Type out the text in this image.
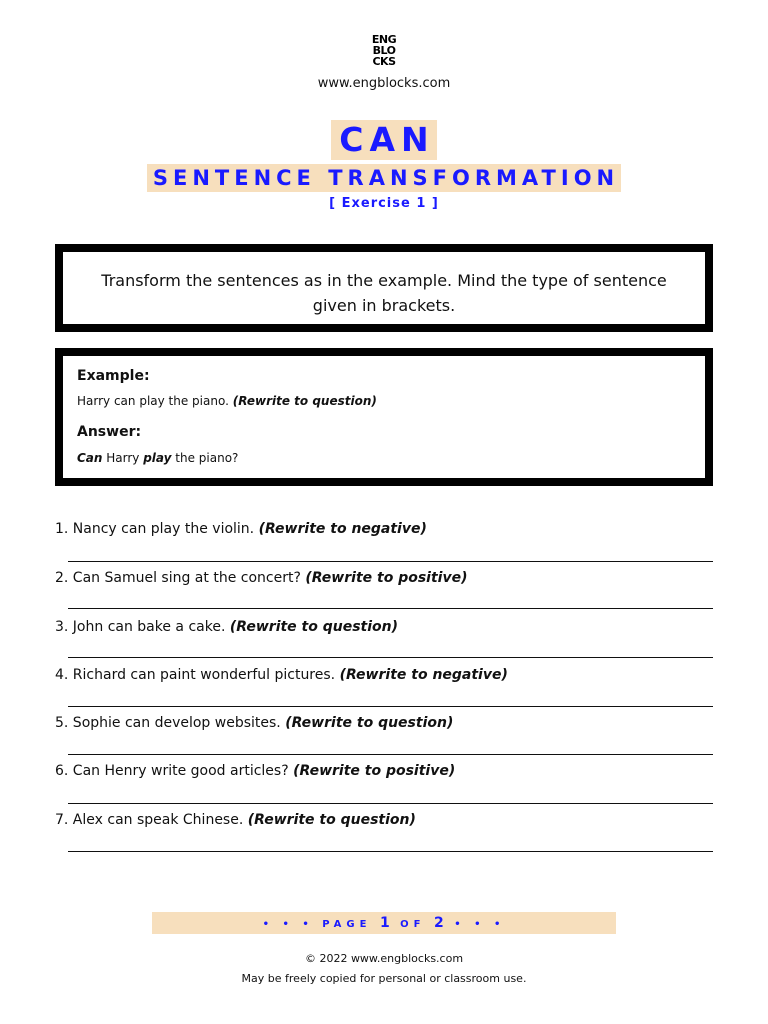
ENG
BLO
CKS
www.engblocks.com
CAN
SENTENCE TRANSFORMATION
[ Exercise 1 ]

Transform the sentences as in the example. Mind the type of sentence given in brackets.

Example:
Harry can play the piano. (Rewrite to question)
Answer:
Can Harry play the piano?
1. Nancy can play the violin. (Rewrite to negative)
2. Can Samuel sing at the concert? (Rewrite to positive)
3. John can bake a cake. (Rewrite to question)
4. Richard can paint wonderful pictures. (Rewrite to negative)
5. Sophie can develop websites. (Rewrite to question)
6. Can Henry write good articles? (Rewrite to positive)
7. Alex can speak Chinese. (Rewrite to question)
• • • PAGE 1 OF 2 • • •
© 2022 www.engblocks.com
May be freely copied for personal or classroom use.
